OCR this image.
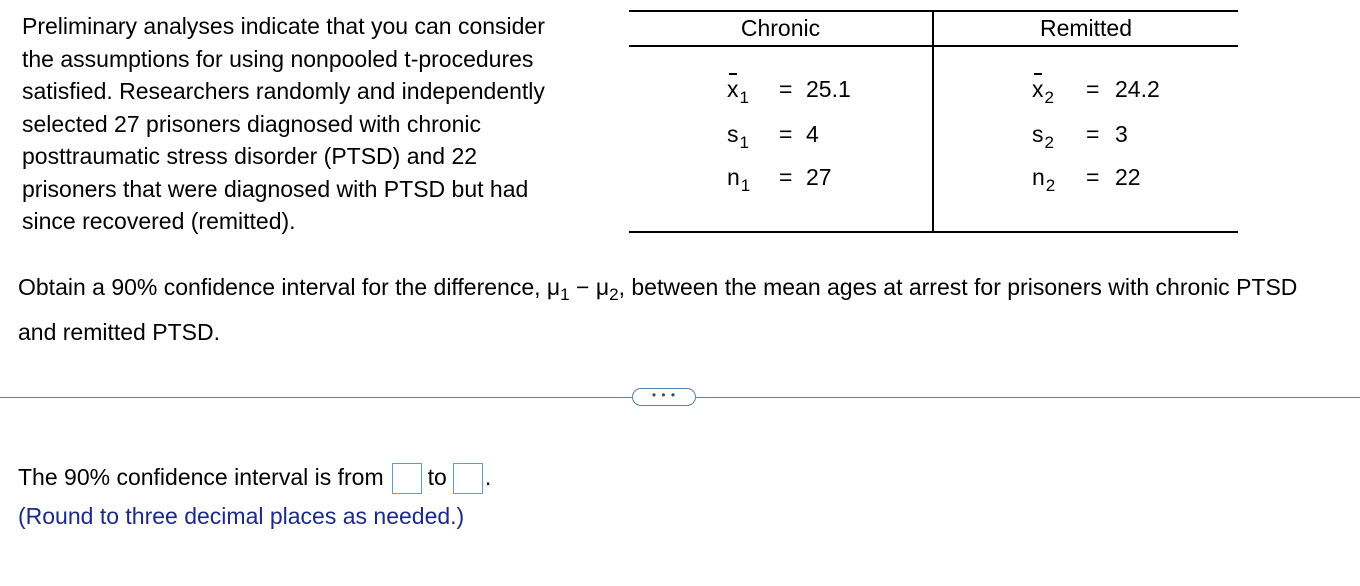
Preliminary analyses indicate that you can consider
the assumptions for using nonpooled t-procedures
satisfied. Researchers randomly and independently
selected 27 prisoners diagnosed with chronic
posttraumatic stress disorder (PTSD) and 22
prisoners that were diagnosed with PTSD but had
since recovered (remitted).
Chronic	Remitted
$x_1 = 25.1$
$s_1 = 4$
$n_1 = 27$
$x_2 = 24.2$
$s_2 = 3$
$n_2 = 22$
Obtain a 90% confidence interval for the difference, $\mu_1 - \mu_2$, between the mean ages at arrest for prisoners with chronic PTSD and remitted PTSD.
• • •
The 90% confidence interval is from to .
(Round to three decimal places as needed.)
